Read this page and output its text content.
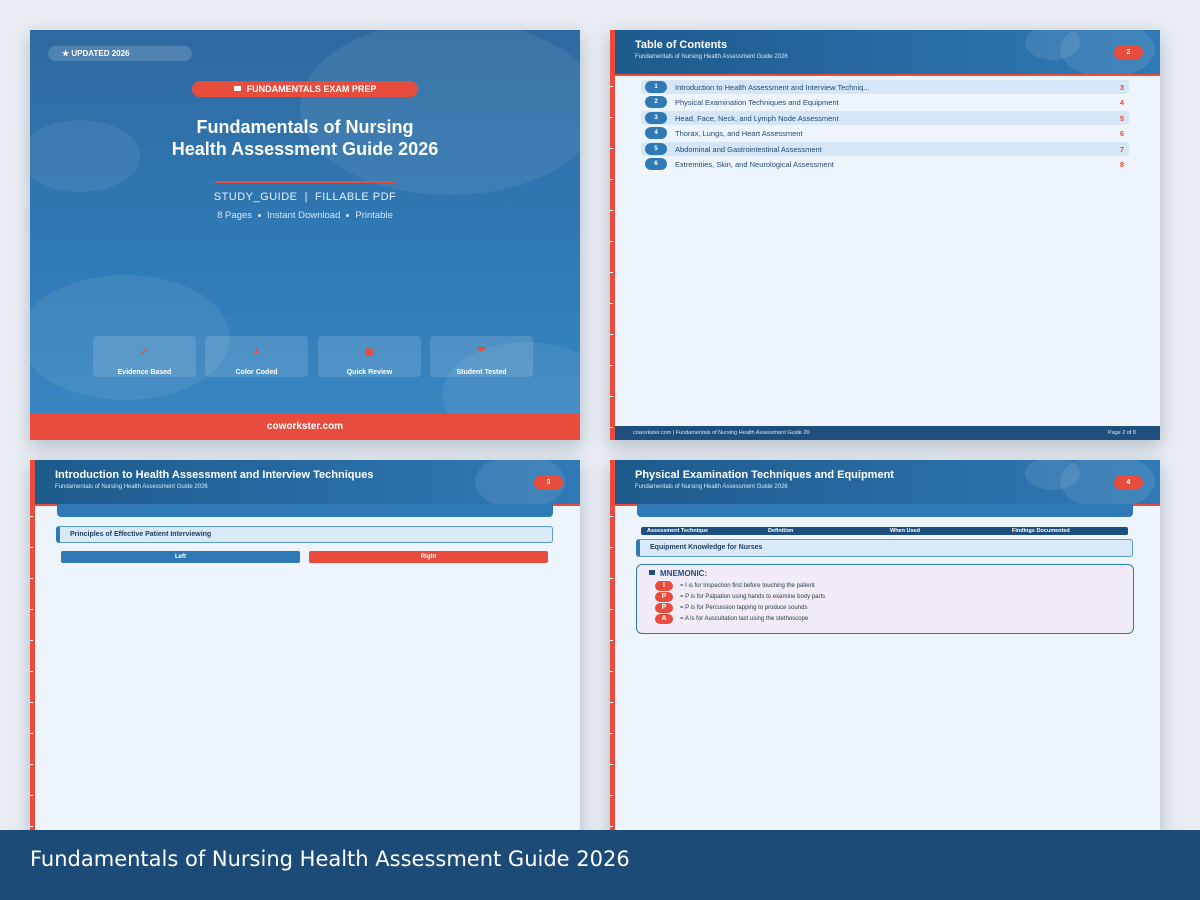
★ UPDATED 2026
FUNDAMENTALS EXAM PREP
Fundamentals of Nursing
Health Assessment Guide 2026
STUDY_GUIDE  |  FILLABLE PDF
8 Pages Instant Download Printable
✓
Evidence Based
▲
Color Coded
■
Quick Review
❤
Student Tested
coworkster.com
Table of Contents
Fundamentals of Nursing Health Assessment Guide 2026
2
1	Introduction to Health Assessment and Interview Techniq...	3
2	Physical Examination Techniques and Equipment	4
3	Head, Face, Neck, and Lymph Node Assessment	5
4	Thorax, Lungs, and Heart Assessment	6
5	Abdominal and Gastrointestinal Assessment	7
6	Extremities, Skin, and Neurological Assessment	8
coworkster.com | Fundamentals of Nursing Health Assessment Guide 20	Page 2 of 8
Introduction to Health Assessment and Interview Techniques
Fundamentals of Nursing Health Assessment Guide 2026
3
Principles of Effective Patient Interviewing
Left	Right
Physical Examination Techniques and Equipment
Fundamentals of Nursing Health Assessment Guide 2026
4
Assessment Technique	Definition	When Used	Findings Documented
Equipment Knowledge for Nurses
MNEMONIC:
I	= I is for Inspection first before touching the patient
P	= P is for Palpation using hands to examine body parts
P	= P is for Percussion tapping to produce sounds
A	= A is for Auscultation last using the stethoscope
Fundamentals of Nursing Health Assessment Guide 2026
